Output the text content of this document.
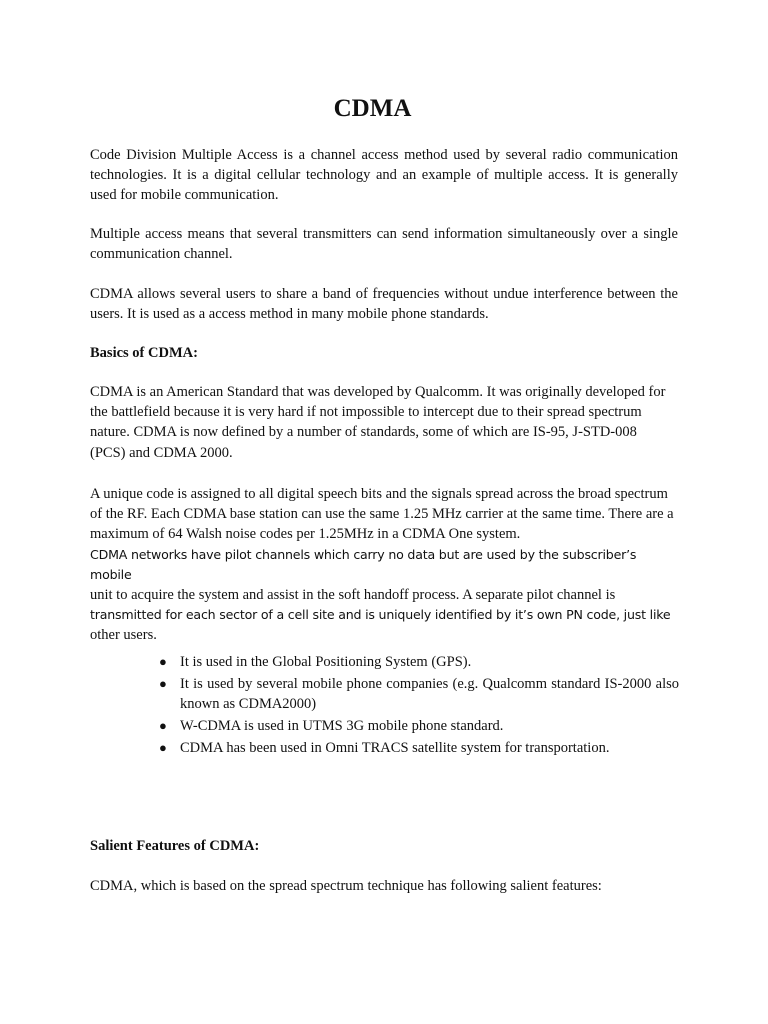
CDMA

Code Division Multiple Access is a channel access method used by several radio communication technologies. It is a digital cellular technology and an example of multiple access. It is generally used for mobile communication.

Multiple access means that several transmitters can send information simultaneously over a single communication channel.

CDMA allows several users to share a band of frequencies without undue interference between the users. It is used as a access method in many mobile phone standards.

Basics of CDMA:

CDMA is an American Standard that was developed by Qualcomm. It was originally developed for the battlefield because it is very hard if not impossible to intercept due to their spread spectrum nature. CDMA is now defined by a number of standards, some of which are IS-95, J-STD-008 (PCS) and CDMA 2000.

A unique code is assigned to all digital speech bits and the signals spread across the broad spectrum of the RF. Each CDMA base station can use the same 1.25 MHz carrier at the same time. There are a maximum of 64 Walsh noise codes per 1.25MHz in a CDMA One system.
CDMA networks have pilot channels which carry no data but are used by the subscriber’s mobile
unit to acquire the system and assist in the soft handoff process. A separate pilot channel is
transmitted for each sector of a cell site and is uniquely identified by it’s own PN code, just like
other users.
● It is used in the Global Positioning System (GPS).
● It is used by several mobile phone companies (e.g. Qualcomm standard IS-2000 also known as CDMA2000)
● W-CDMA is used in UTMS 3G mobile phone standard.
● CDMA has been used in Omni TRACS satellite system for transportation.

Salient Features of CDMA:

CDMA, which is based on the spread spectrum technique has following salient features:
